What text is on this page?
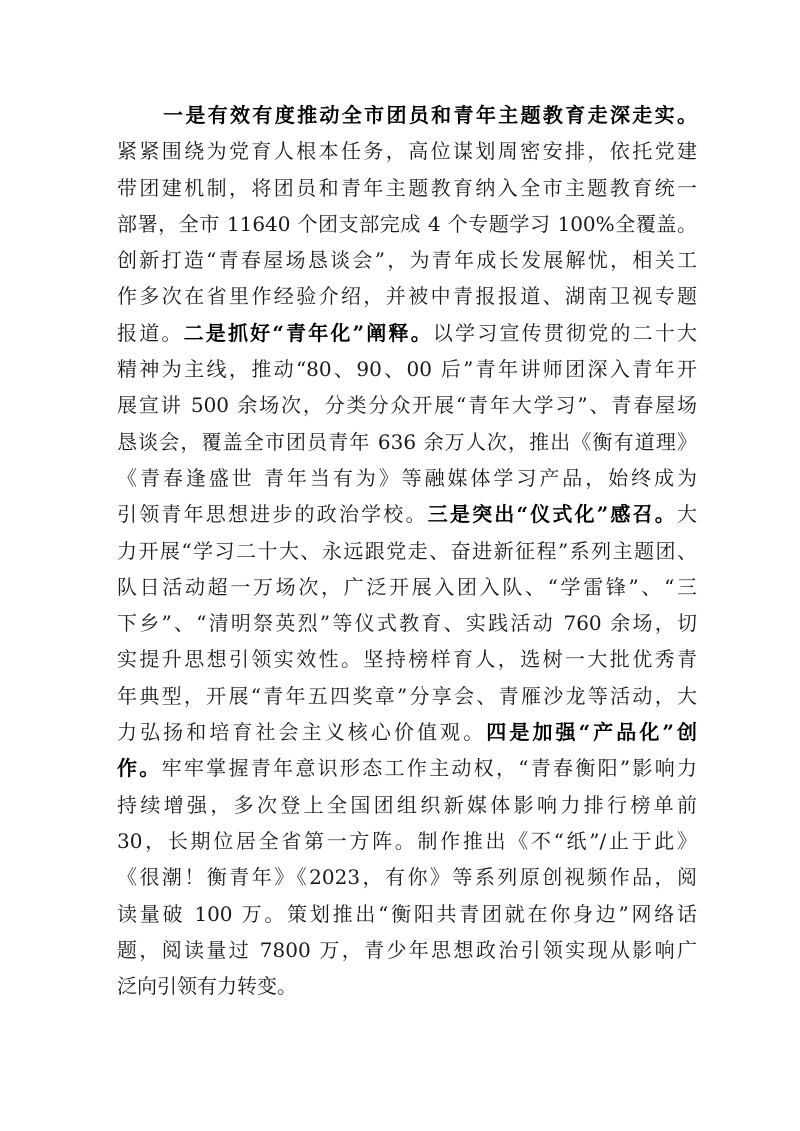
一是有效有度推动全市团员和青年主题教育走深走实。
紧紧围绕为党育人根本任务，高位谋划周密安排，依托党建
带团建机制，将团员和青年主题教育纳入全市主题教育统一
部署，全市 11640 个团支部完成 4 个专题学习 100%全覆盖。
创新打造“青春屋场恳谈会”，为青年成长发展解忧，相关工
作多次在省里作经验介绍，并被中青报报道、湖南卫视专题
报道。二是抓好“青年化”阐释。以学习宣传贯彻党的二十大
精神为主线，推动“80、90、00 后”青年讲师团深入青年开
展宣讲 500 余场次，分类分众开展“青年大学习”、青春屋场
恳谈会，覆盖全市团员青年 636 余万人次，推出《衡有道理》
《青春逢盛世 青年当有为》等融媒体学习产品，始终成为
引领青年思想进步的政治学校。三是突出“仪式化”感召。大
力开展“学习二十大、永远跟党走、奋进新征程”系列主题团、
队日活动超一万场次，广泛开展入团入队、“学雷锋”、“三
下乡”、“清明祭英烈”等仪式教育、实践活动 760 余场，切
实提升思想引领实效性。坚持榜样育人，选树一大批优秀青
年典型，开展“青年五四奖章”分享会、青雁沙龙等活动，大
力弘扬和培育社会主义核心价值观。四是加强“产品化”创
作。牢牢掌握青年意识形态工作主动权，“青春衡阳”影响力
持续增强，多次登上全国团组织新媒体影响力排行榜单前
30，长期位居全省第一方阵。制作推出《不“纸”/止于此》
《很潮！衡青年》《2023，有你》等系列原创视频作品，阅
读量破 100 万。策划推出“衡阳共青团就在你身边”网络话
题，阅读量过 7800 万，青少年思想政治引领实现从影响广
泛向引领有力转变。
